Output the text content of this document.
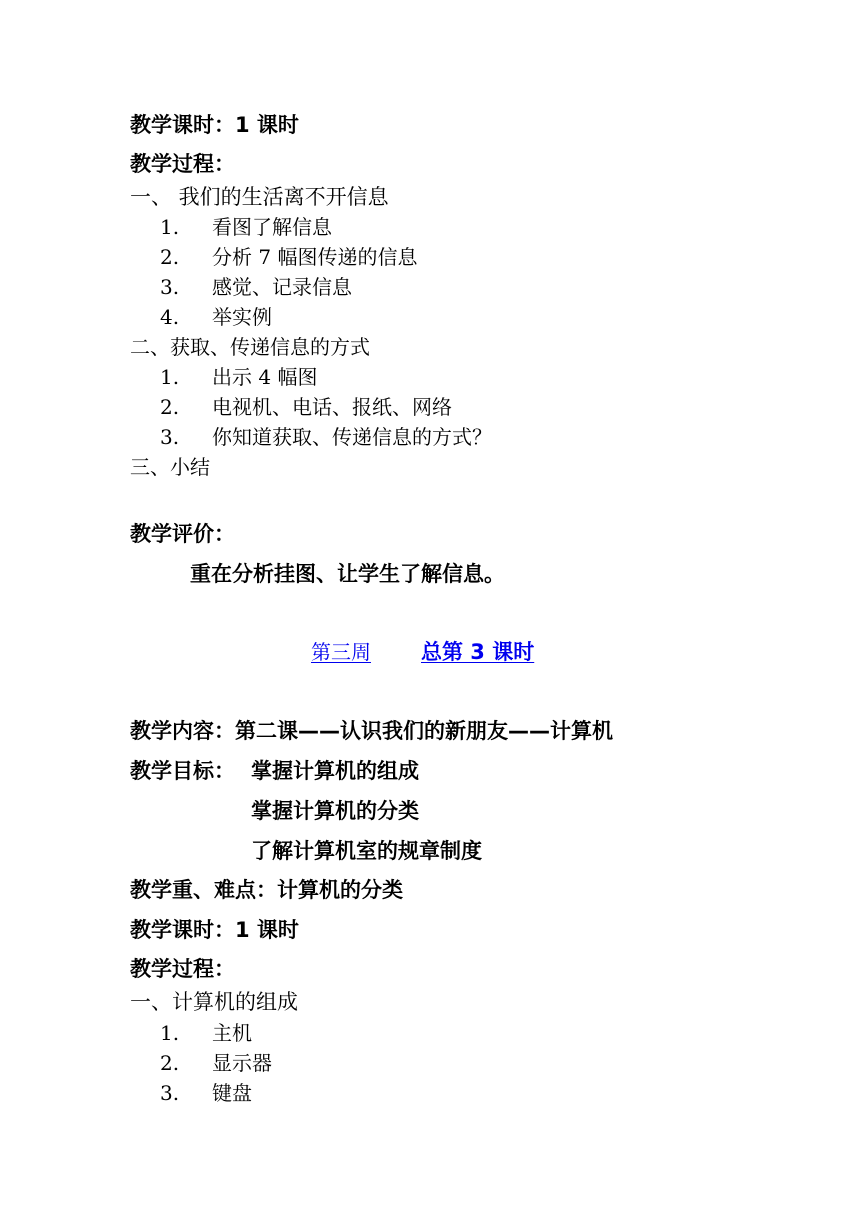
教学课时：1 课时
教学过程：
一、 我们的生活离不开信息
1. 看图了解信息
2. 分析 7 幅图传递的信息
3. 感觉、记录信息
4. 举实例
二、获取、传递信息的方式
1. 出示 4 幅图
2. 电视机、电话、报纸、网络
3. 你知道获取、传递信息的方式？
三、小结
教学评价：
重在分析挂图、让学生了解信息。
第三周 总第 3 课时
教学内容：第二课——认识我们的新朋友——计算机
教学目标： 掌握计算机的组成
掌握计算机的分类
了解计算机室的规章制度
教学重、难点：计算机的分类
教学课时：1 课时
教学过程：
一、计算机的组成
1. 主机
2. 显示器
3. 键盘
